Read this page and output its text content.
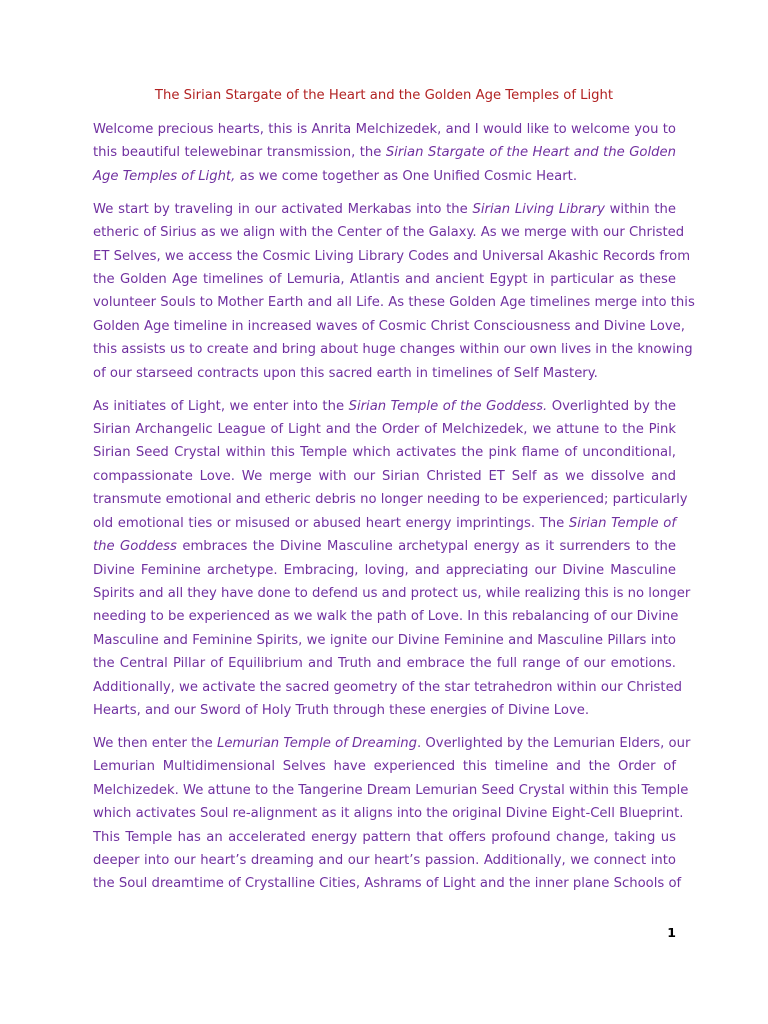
The Sirian Stargate of the Heart and the Golden Age Temples of Light
Welcome precious hearts, this is Anrita Melchizedek, and I would like to welcome you to
this beautiful telewebinar transmission, the Sirian Stargate of the Heart and the Golden
Age Temples of Light, as we come together as One Unified Cosmic Heart.
We start by traveling in our activated Merkabas into the Sirian Living Library within the
etheric of Sirius as we align with the Center of the Galaxy. As we merge with our Christed
ET Selves, we access the Cosmic Living Library Codes and Universal Akashic Records from
the Golden Age timelines of Lemuria, Atlantis and ancient Egypt in particular as these
volunteer Souls to Mother Earth and all Life. As these Golden Age timelines merge into this
Golden Age timeline in increased waves of Cosmic Christ Consciousness and Divine Love,
this assists us to create and bring about huge changes within our own lives in the knowing
of our starseed contracts upon this sacred earth in timelines of Self Mastery.
As initiates of Light, we enter into the Sirian Temple of the Goddess. Overlighted by the
Sirian Archangelic League of Light and the Order of Melchizedek, we attune to the Pink
Sirian Seed Crystal within this Temple which activates the pink flame of unconditional,
compassionate Love. We merge with our Sirian Christed ET Self as we dissolve and
transmute emotional and etheric debris no longer needing to be experienced; particularly
old emotional ties or misused or abused heart energy imprintings. The Sirian Temple of
the Goddess embraces the Divine Masculine archetypal energy as it surrenders to the
Divine Feminine archetype. Embracing, loving, and appreciating our Divine Masculine
Spirits and all they have done to defend us and protect us, while realizing this is no longer
needing to be experienced as we walk the path of Love. In this rebalancing of our Divine
Masculine and Feminine Spirits, we ignite our Divine Feminine and Masculine Pillars into
the Central Pillar of Equilibrium and Truth and embrace the full range of our emotions.
Additionally, we activate the sacred geometry of the star tetrahedron within our Christed
Hearts, and our Sword of Holy Truth through these energies of Divine Love.
We then enter the Lemurian Temple of Dreaming. Overlighted by the Lemurian Elders, our
Lemurian Multidimensional Selves have experienced this timeline and the Order of
Melchizedek. We attune to the Tangerine Dream Lemurian Seed Crystal within this Temple
which activates Soul re-alignment as it aligns into the original Divine Eight-Cell Blueprint.
This Temple has an accelerated energy pattern that offers profound change, taking us
deeper into our heart’s dreaming and our heart’s passion. Additionally, we connect into
the Soul dreamtime of Crystalline Cities, Ashrams of Light and the inner plane Schools of
1
